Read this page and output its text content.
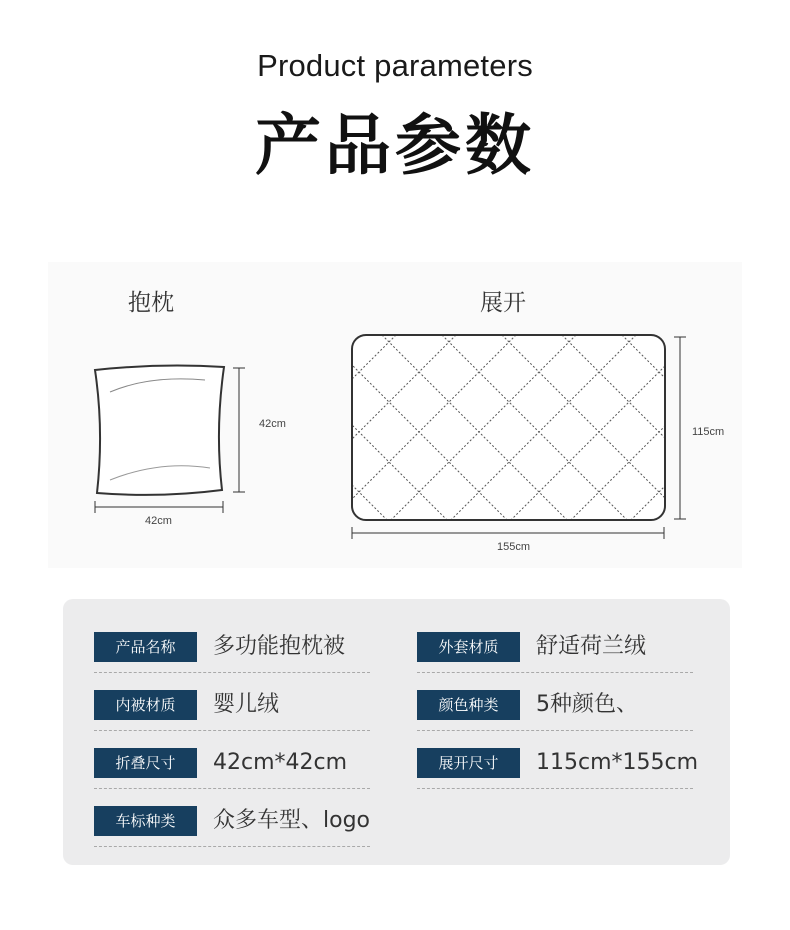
Product parameters
产品参数
抱枕	展开
42cm
42cm
115cm
155cm
产品名称	多功能抱枕被	外套材质	舒适荷兰绒
内被材质	婴儿绒	颜色种类	5种颜色、
折叠尺寸	42cm*42cm	展开尺寸	115cm*155cm
车标种类	众多车型、logo
